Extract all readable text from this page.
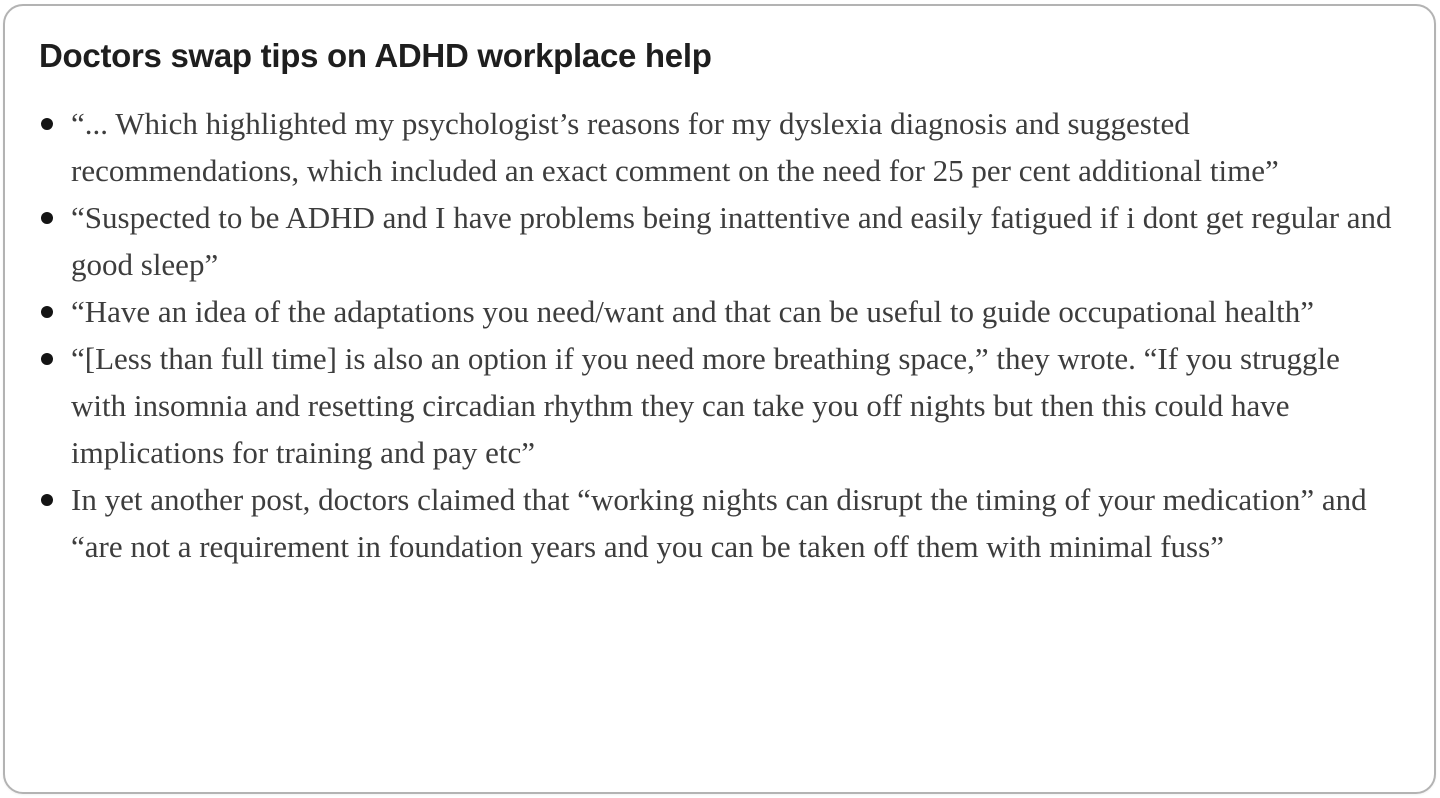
Doctors swap tips on ADHD workplace help
“... Which highlighted my psychologist’s reasons for my dyslexia diagnosis and suggested recommendations, which included an exact comment on the need for 25 per cent additional time”
“Suspected to be ADHD and I have problems being inattentive and easily fatigued if i dont get regular and good sleep”
“Have an idea of the adaptations you need/want and that can be useful to guide occupational health”
“[Less than full time] is also an option if you need more breathing space,” they wrote. “If you struggle with insomnia and resetting circadian rhythm they can take you off nights but then this could have implications for training and pay etc”
In yet another post, doctors claimed that “working nights can disrupt the timing of your medication” and “are not a requirement in foundation years and you can be taken off them with minimal fuss”
